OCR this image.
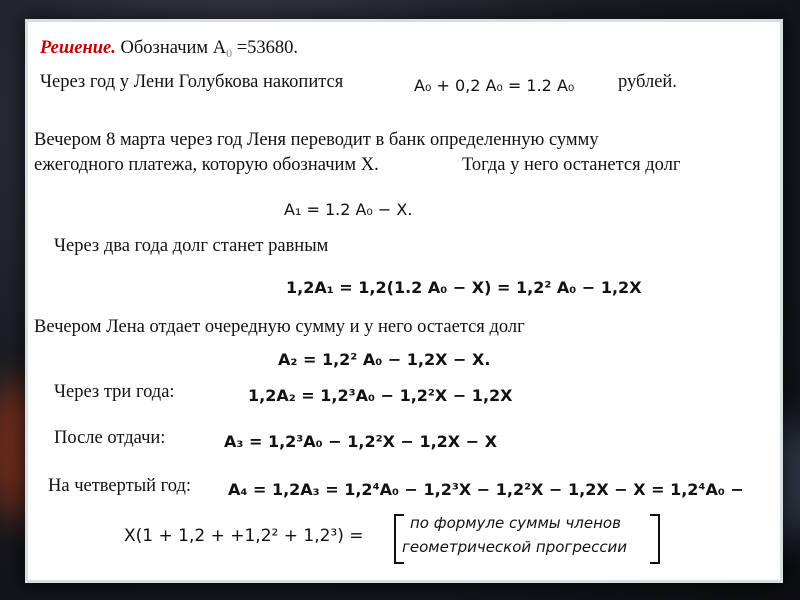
Решение. Обозначим $А_0 =53680$.
Через год у Лени Голубкова накопится	A₀ + 0,2 A₀ = 1.2 A₀ рублей.
Вечером 8 марта через год Леня переводит в банк определенную сумму
ежегодного платежа, которую обозначим Х.	Тогда у него останется долг
A₁ = 1.2 A₀ − X.
Через два года долг станет равным
1,2A₁ = 1,2(1.2 A₀ − X) = 1,2² A₀ − 1,2X
Вечером Лена отдает очередную сумму и у него остается долг
A₂ = 1,2² A₀ − 1,2X − X.
Через три года:	1,2A₂ = 1,2³A₀ − 1,2²X − 1,2X
После отдачи:	A₃ = 1,2³A₀ − 1,2²X − 1,2X − X
На четвертый год: A₄ = 1,2A₃ = 1,2⁴A₀ − 1,2³X − 1,2²X − 1,2X − X = 1,2⁴A₀ −
X(1 + 1,2 + +1,2² + 1,2³) =
по формуле суммы членов
геометрической прогрессии
